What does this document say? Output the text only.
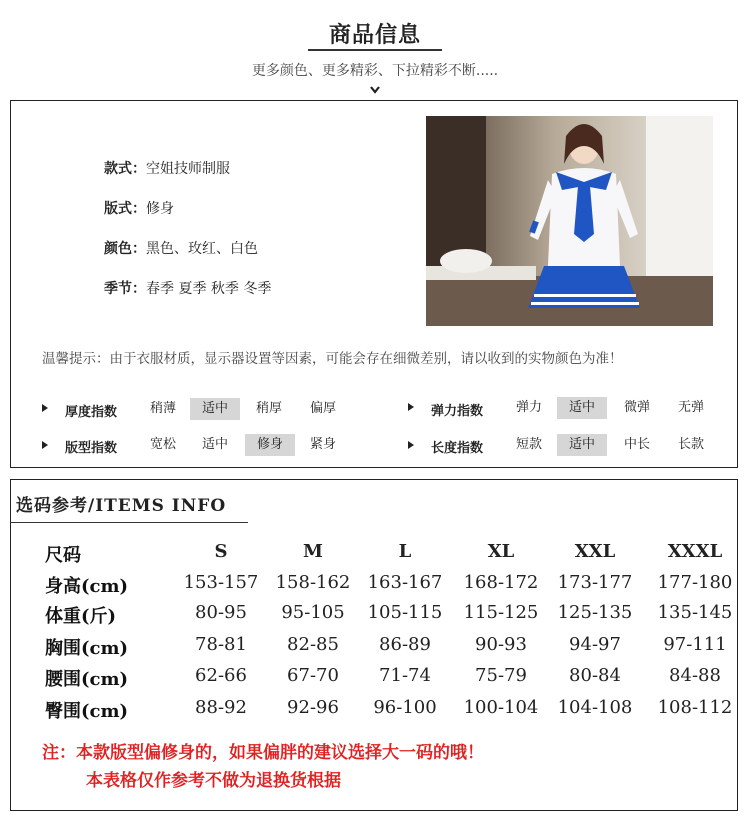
商品信息
更多颜色、更多精彩、下拉精彩不断.....
款式：空姐技师制服
版式：修身
颜色：黑色、玫红、白色
季节：春季 夏季 秋季 冬季
温馨提示：由于衣服材质，显示器设置等因素，可能会存在细微差别，请以收到的实物颜色为准！
厚度指数	稍薄	适中	稍厚	偏厚	弹力指数	弹力	适中	微弹	无弹
版型指数	宽松	适中	修身	紧身	长度指数	短款	适中	中长	长款
选码参考/ITEMS INFO
尺码	S	M	L	XL	XXL	XXXL
身高(cm)	153-157 158-162 163-167	168-172	173-177	177-180
体重(斤)	80-95	95-105	105-115	115-125	125-135	135-145
胸围(cm)	78-81	82-85	86-89	90-93	94-97	97-111
腰围(cm)	62-66	67-70	71-74	75-79	80-84	84-88
臀围(cm)	88-92	92-96	96-100	100-104	104-108	108-112
注：本款版型偏修身的，如果偏胖的建议选择大一码的哦！
本表格仅作参考不做为退换货根据
